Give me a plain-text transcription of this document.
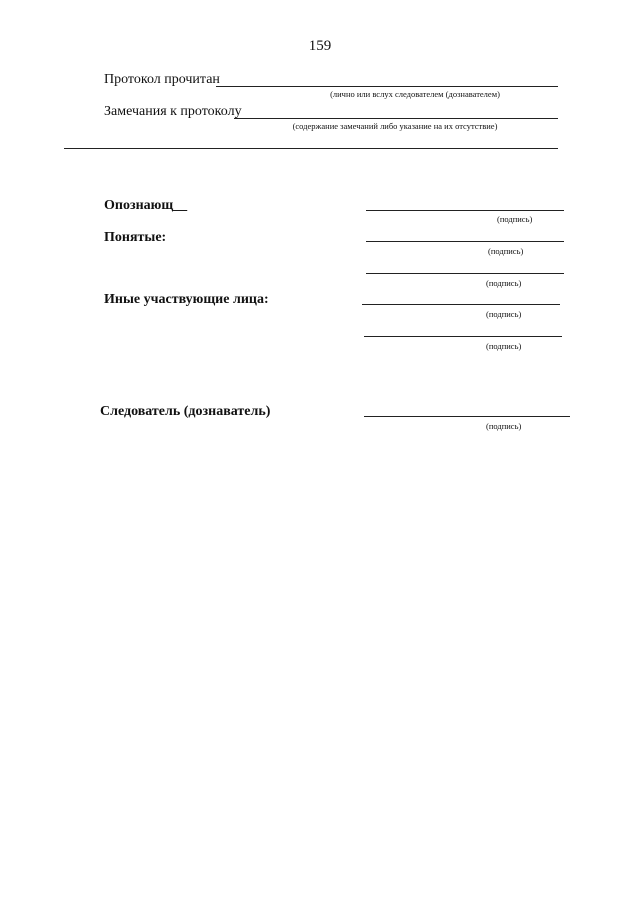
159
Протокол прочитан
(лично или вслух следователем (дознавателем)
Замечания к протоколу
(содержание замечаний либо указание на их отсутствие)
Опознающ__
(подпись)
Понятые:
(подпись)
(подпись)
Иные участвующие лица:
(подпись)
(подпись)
Следователь (дознаватель)
(подпись)
